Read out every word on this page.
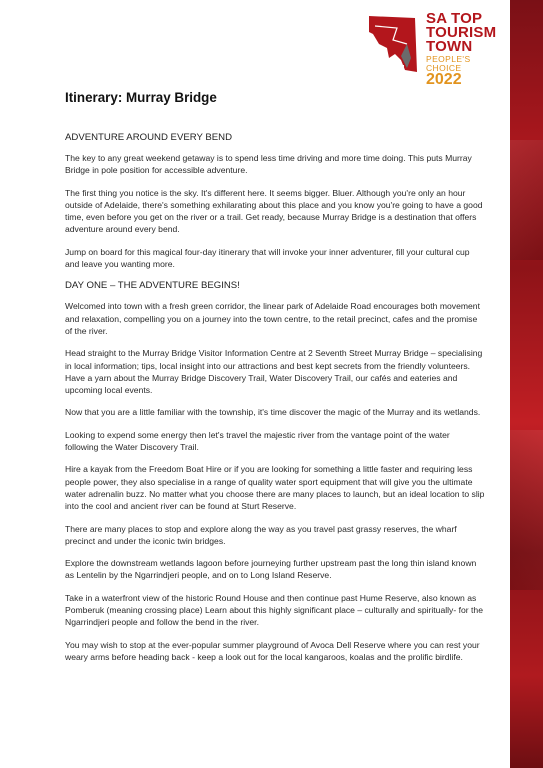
4
SA TOP
TOURISM
TOWN
PEOPLE'S CHOICE
2022
Itinerary: Murray Bridge
ADVENTURE AROUND EVERY BEND

The key to any great weekend getaway is to spend less time driving and more time doing. This puts Murray Bridge in pole position for accessible adventure.

The first thing you notice is the sky. It's different here. It seems bigger. Bluer. Although you're only an hour outside of Adelaide, there's something exhilarating about this place and you know you're going to have a good time, even before you get on the river or a trail. Get ready, because Murray Bridge is a destination that offers adventure around every bend.

Jump on board for this magical four-day itinerary that will invoke your inner adventurer, fill your cultural cup and leave you wanting more.

DAY ONE – THE ADVENTURE BEGINS!

Welcomed into town with a fresh green corridor, the linear park of Adelaide Road encourages both movement and relaxation, compelling you on a journey into the town centre, to the retail precinct, cafes and the promise of the river.

Head straight to the Murray Bridge Visitor Information Centre at 2 Seventh Street Murray Bridge – specialising in local information; tips, local insight into our attractions and best kept secrets from the friendly volunteers. Have a yarn about the Murray Bridge Discovery Trail, Water Discovery Trail, our cafés and eateries and upcoming local events.

Now that you are a little familiar with the township, it's time discover the magic of the Murray and its wetlands.

Looking to expend some energy then let's travel the majestic river from the vantage point of the water following the Water Discovery Trail.

Hire a kayak from the Freedom Boat Hire or if you are looking for something a little faster and requiring less people power, they also specialise in a range of quality water sport equipment that will give you the ultimate water adrenalin buzz. No matter what you choose there are many places to launch, but an ideal location to slip into the cool and ancient river can be found at Sturt Reserve.

There are many places to stop and explore along the way as you travel past grassy reserves, the wharf precinct and under the iconic twin bridges.

Explore the downstream wetlands lagoon before journeying further upstream past the long thin island known as Lentelin by the Ngarrindjeri people, and on to Long Island Reserve.

Take in a waterfront view of the historic Round House and then continue past Hume Reserve, also known as Pomberuk (meaning crossing place) Learn about this highly significant place – culturally and spiritually- for the Ngarrindjeri people and follow the bend in the river.

You may wish to stop at the ever-popular summer playground of Avoca Dell Reserve where you can rest your weary arms before heading back - keep a look out for the local kangaroos, koalas and the prolific birdlife.
